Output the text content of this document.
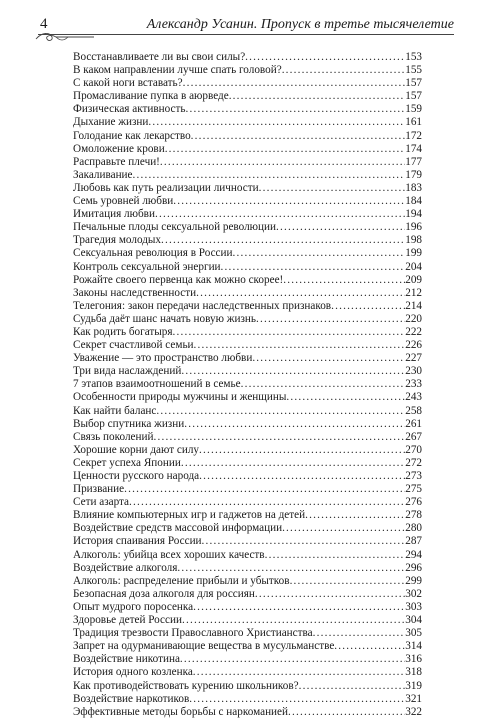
4	Александр Усанин. Пропуск в третье тысячелетие
Восстанавливаете ли вы свои силы? .....	153
В каком направлении лучше спать головой? .....	155
С какой ноги вставать? .....	157
Промасливание пупка в аюрведе .....	157
Физическая активность .....	159
Дыхание жизни .....	161
Голодание как лекарство .....	172
Омоложение крови .....	174
Расправьте плечи! .....	177
Закаливание .....	179
Любовь как путь реализации личности .....	183
Семь уровней любви .....	184
Имитация любви .....	194
Печальные плоды сексуальной революции .....	196
Трагедия молодых .....	198
Сексуальная революция в России .....	199
Контроль сексуальной энергии .....	204
Рожайте своего первенца как можно скорее! .....	209
Законы наследственности .....	212
Телегония: закон передачи наследственных признаков .....	214
Судьба даёт шанс начать новую жизнь .....	220
Как родить богатыря .....	222
Секрет счастливой семьи .....	226
Уважение — это пространство любви .....	227
Три вида наслаждений .....	230
7 этапов взаимоотношений в семье .....	233
Особенности природы мужчины и женщины .....	243
Как найти баланс .....	258
Выбор спутника жизни .....	261
Связь поколений .....	267
Хорошие корни дают силу .....	270
Секрет успеха Японии .....	272
Ценности русского народа .....	273
Призвание .....	275
Сети азарта .....	276
Влияние компьютерных игр и гаджетов на детей .....	278
Воздействие средств массовой информации .....	280
История спаивания России .....	287
Алкоголь: убийца всех хороших качеств .....	294
Воздействие алкоголя .....	296
Алкоголь: распределение прибыли и убытков .....	299
Безопасная доза алкоголя для россиян .....	302
Опыт мудрого поросенка .....	303
Здоровье детей России .....	304
Традиция трезвости Православного Христианства .....	305
Запрет на одурманивающие вещества в мусульманстве .....	314
Воздействие никотина .....	316
История одного козленка .....	318
Как противодействовать курению школьников? .....	319
Воздействие наркотиков .....	321
Эффективные методы борьбы с наркоманией .....	322
